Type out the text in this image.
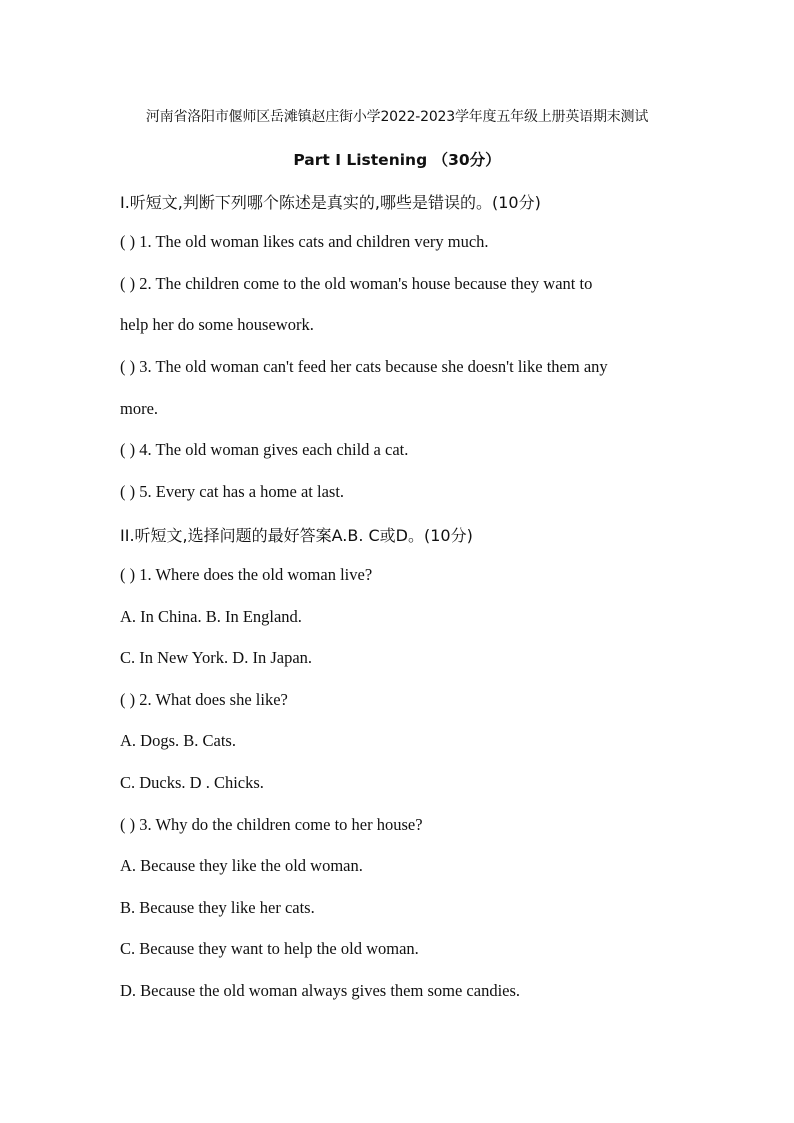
河南省洛阳市偃师区岳滩镇赵庄街小学2022-2023学年度五年级上册英语期末测试
Part I Listening （30分）
I.听短文,判断下列哪个陈述是真实的,哪些是错误的。(10分)
( ) 1. The old woman likes cats and children very much.
( ) 2. The children come to the old woman's house because they want to
help her do some housework.
( ) 3. The old woman can't feed her cats because she doesn't like them any
more.
( ) 4. The old woman gives each child a cat.
( ) 5. Every cat has a home at last.
II.听短文,选择问题的最好答案A.B. C或D。(10分)
( ) 1. Where does the old woman live?
A. In China. B. In England.
C. In New York. D. In Japan.
( ) 2. What does she like?
A. Dogs. B. Cats.
C. Ducks. D . Chicks.
( ) 3. Why do the children come to her house?
A. Because they like the old woman.
B. Because they like her cats.
C. Because they want to help the old woman.
D. Because the old woman always gives them some candies.
